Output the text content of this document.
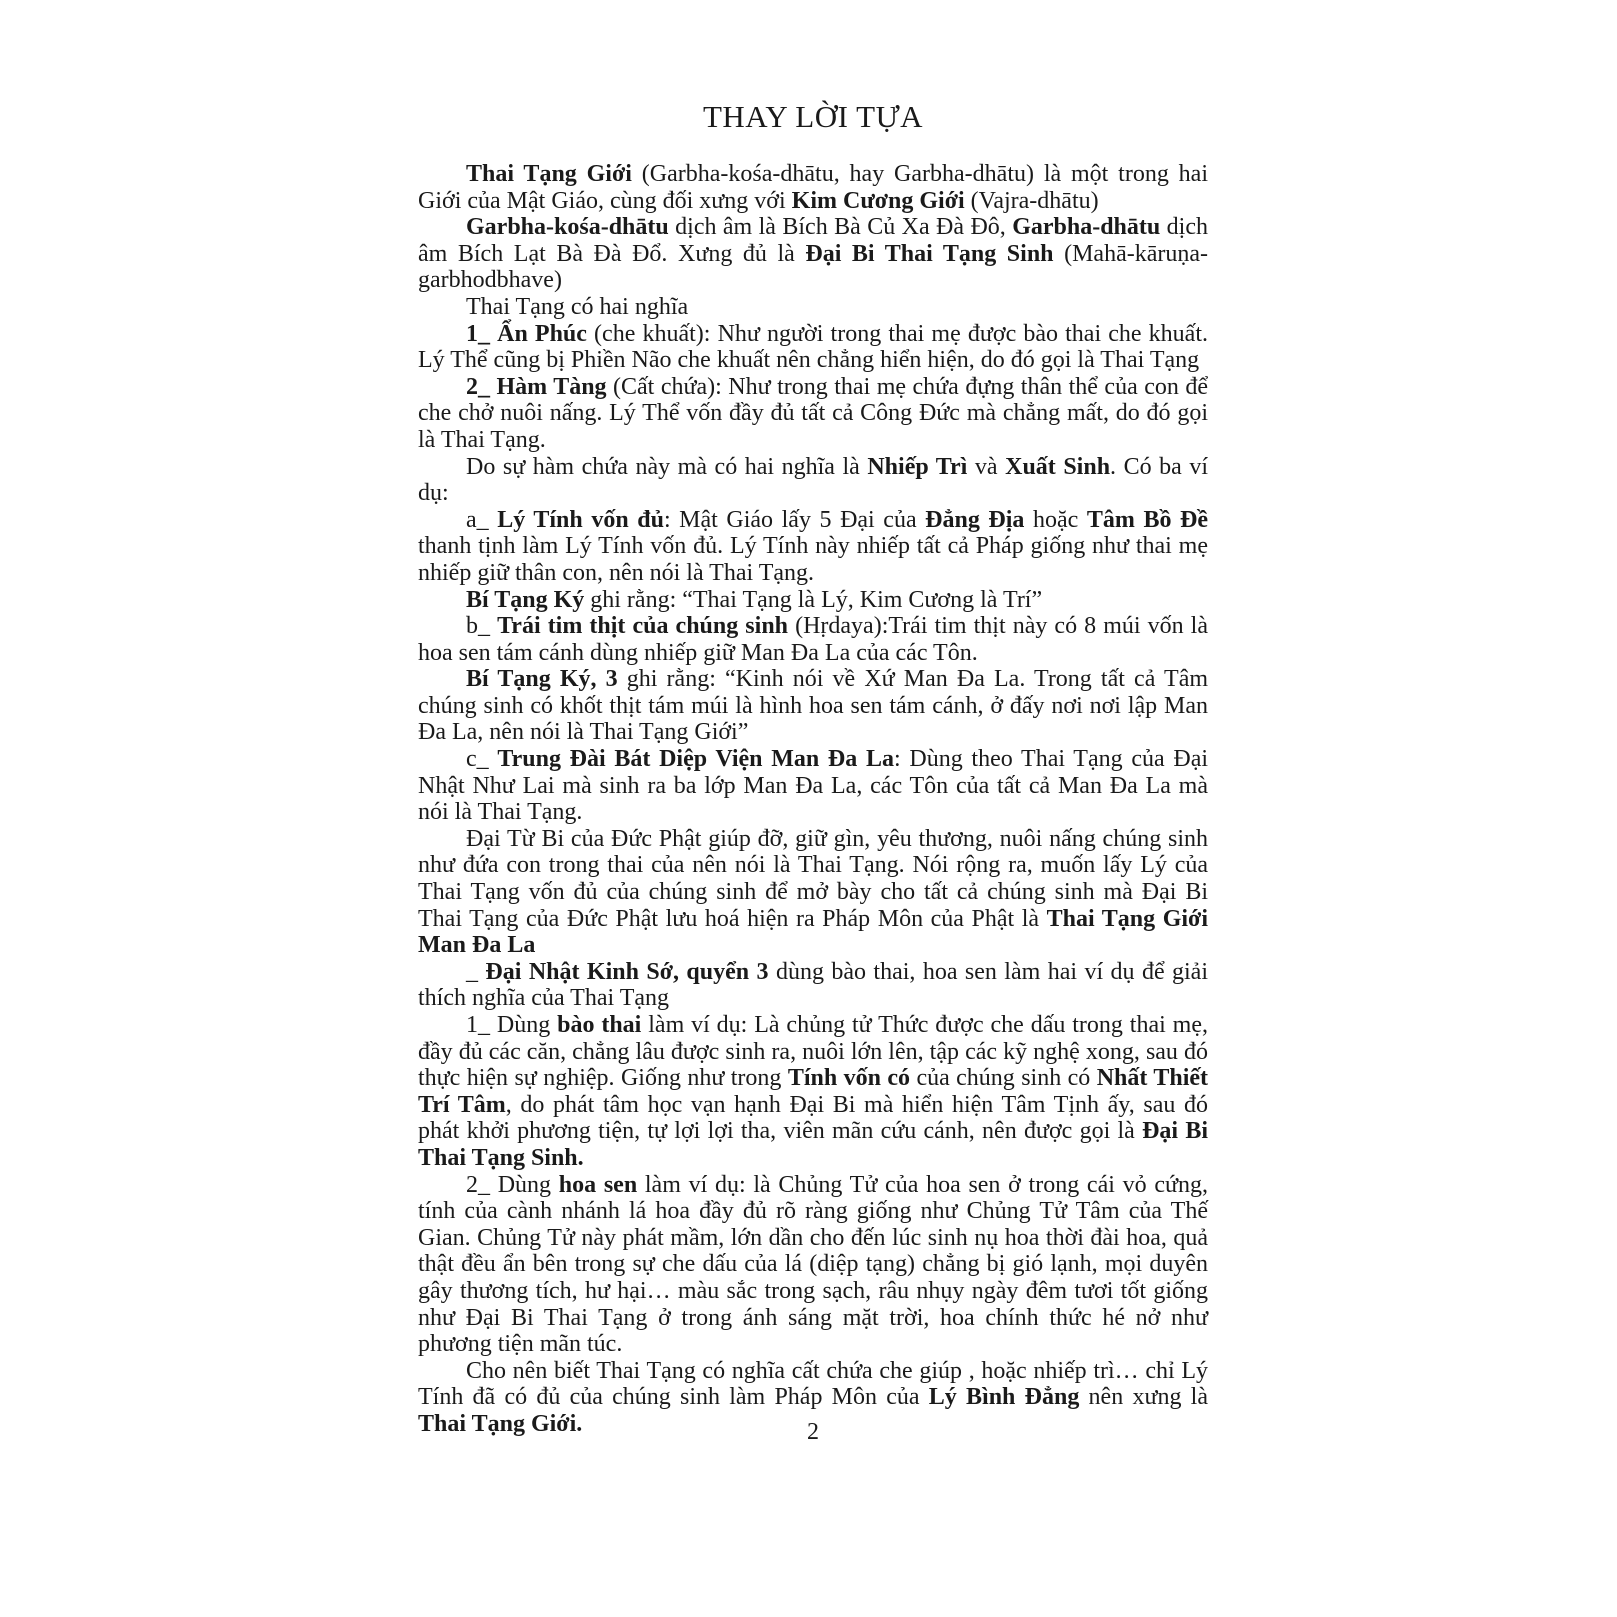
THAY LỜI TỰA

Thai Tạng Giới (Garbha-kośa-dhātu, hay Garbha-dhātu) là một trong hai Giới của Mật Giáo, cùng đối xưng với Kim Cương Giới (Vajra-dhātu)

Garbha-kośa-dhātu dịch âm là Bích Bà Củ Xa Đà Đô, Garbha-dhātu dịch âm Bích Lạt Bà Đà Đổ. Xưng đủ là Đại Bi Thai Tạng Sinh (Mahā-kāruṇa-garbhodbhave)

Thai Tạng có hai nghĩa

1_ Ẩn Phúc (che khuất): Như người trong thai mẹ được bào thai che khuất. Lý Thể cũng bị Phiền Não che khuất nên chẳng hiển hiện, do đó gọi là Thai Tạng

2_ Hàm Tàng (Cất chứa): Như trong thai mẹ chứa đựng thân thể của con để che chở nuôi nấng. Lý Thể vốn đầy đủ tất cả Công Đức mà chẳng mất, do đó gọi là Thai Tạng.

Do sự hàm chứa này mà có hai nghĩa là Nhiếp Trì và Xuất Sinh. Có ba ví dụ:

a_ Lý Tính vốn đủ: Mật Giáo lấy 5 Đại của Đẳng Địa hoặc Tâm Bồ Đề thanh tịnh làm Lý Tính vốn đủ. Lý Tính này nhiếp tất cả Pháp giống như thai mẹ nhiếp giữ thân con, nên nói là Thai Tạng.

Bí Tạng Ký ghi rằng: “Thai Tạng là Lý, Kim Cương là Trí”

b_ Trái tim thịt của chúng sinh (Hṛdaya):Trái tim thịt này có 8 múi vốn là hoa sen tám cánh dùng nhiếp giữ Man Đa La của các Tôn.

Bí Tạng Ký, 3 ghi rằng: “Kinh nói về Xứ Man Đa La. Trong tất cả Tâm chúng sinh có khốt thịt tám múi là hình hoa sen tám cánh, ở đấy nơi nơi lập Man Đa La, nên nói là Thai Tạng Giới”

c_ Trung Đài Bát Diệp Viện Man Đa La: Dùng theo Thai Tạng của Đại Nhật Như Lai mà sinh ra ba lớp Man Đa La, các Tôn của tất cả Man Đa La mà nói là Thai Tạng.

Đại Từ Bi của Đức Phật giúp đỡ, giữ gìn, yêu thương, nuôi nấng chúng sinh như đứa con trong thai của nên nói là Thai Tạng. Nói rộng ra, muốn lấy Lý của Thai Tạng vốn đủ của chúng sinh để mở bày cho tất cả chúng sinh mà Đại Bi Thai Tạng của Đức Phật lưu hoá hiện ra Pháp Môn của Phật là Thai Tạng Giới Man Đa La

_ Đại Nhật Kinh Sớ, quyển 3 dùng bào thai, hoa sen làm hai ví dụ để giải thích nghĩa của Thai Tạng

1_ Dùng bào thai làm ví dụ: Là chủng tử Thức được che dấu trong thai mẹ, đầy đủ các căn, chẳng lâu được sinh ra, nuôi lớn lên, tập các kỹ nghệ xong, sau đó thực hiện sự nghiệp. Giống như trong Tính vốn có của chúng sinh có Nhất Thiết Trí Tâm, do phát tâm học vạn hạnh Đại Bi mà hiển hiện Tâm Tịnh ấy, sau đó phát khởi phương tiện, tự lợi lợi tha, viên mãn cứu cánh, nên được gọi là Đại Bi Thai Tạng Sinh.

2_ Dùng hoa sen làm ví dụ: là Chủng Tử của hoa sen ở trong cái vỏ cứng, tính của cành nhánh lá hoa đầy đủ rõ ràng giống như Chủng Tử Tâm của Thế Gian. Chủng Tử này phát mầm, lớn dần cho đến lúc sinh nụ hoa thời đài hoa, quả thật đều ẩn bên trong sự che dấu của lá (diệp tạng) chẳng bị gió lạnh, mọi duyên gây thương tích, hư hại… màu sắc trong sạch, râu nhụy ngày đêm tươi tốt giống như Đại Bi Thai Tạng ở trong ánh sáng mặt trời, hoa chính thức hé nở như phương tiện mãn túc.

Cho nên biết Thai Tạng có nghĩa cất chứa che giúp , hoặc nhiếp trì… chỉ Lý Tính đã có đủ của chúng sinh làm Pháp Môn của Lý Bình Đẳng nên xưng là Thai Tạng Giới.	2
